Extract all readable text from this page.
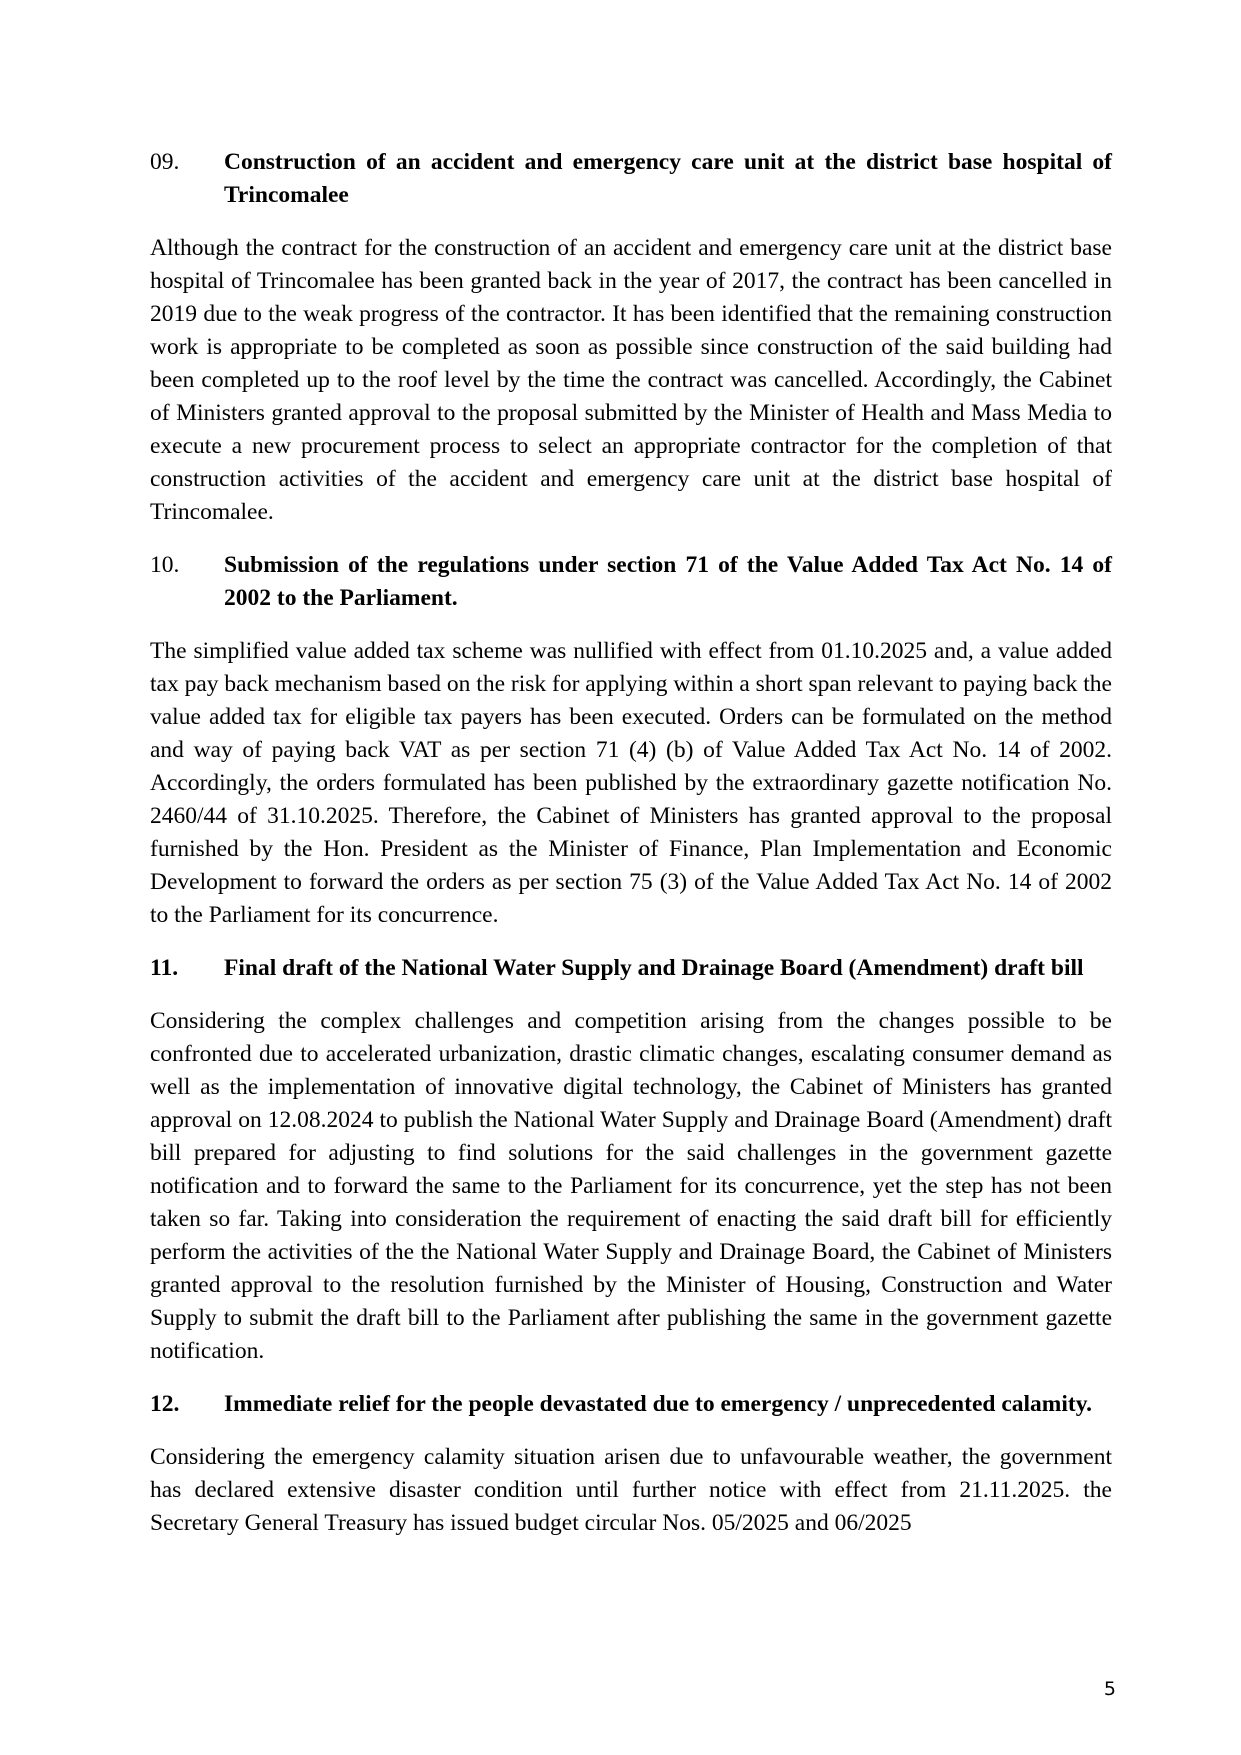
09.	Construction of an accident and emergency care unit at the district base hospital of Trincomalee

Although the contract for the construction of an accident and emergency care unit at the district base hospital of Trincomalee has been granted back in the year of 2017, the contract has been cancelled in 2019 due to the weak progress of the contractor. It has been identified that the remaining construction work is appropriate to be completed as soon as possible since construction of the said building had been completed up to the roof level by the time the contract was cancelled. Accordingly, the Cabinet of Ministers granted approval to the proposal submitted by the Minister of Health and Mass Media to execute a new procurement process to select an appropriate contractor for the completion of that construction activities of the accident and emergency care unit at the district base hospital of Trincomalee.

10.	Submission of the regulations under section 71 of the Value Added Tax Act No. 14 of 2002 to the Parliament.

The simplified value added tax scheme was nullified with effect from 01.10.2025 and, a value added tax pay back mechanism based on the risk for applying within a short span relevant to paying back the value added tax for eligible tax payers has been executed. Orders can be formulated on the method and way of paying back VAT as per section 71 (4) (b) of Value Added Tax Act No. 14 of 2002. Accordingly, the orders formulated has been published by the extraordinary gazette notification No. 2460/44 of 31.10.2025. Therefore, the Cabinet of Ministers has granted approval to the proposal furnished by the Hon. President as the Minister of Finance, Plan Implementation and Economic Development to forward the orders as per section 75 (3) of the Value Added Tax Act No. 14 of 2002 to the Parliament for its concurrence.

11.	Final draft of the National Water Supply and Drainage Board (Amendment) draft bill

Considering the complex challenges and competition arising from the changes possible to be confronted due to accelerated urbanization, drastic climatic changes, escalating consumer demand as well as the implementation of innovative digital technology, the Cabinet of Ministers has granted approval on 12.08.2024 to publish the National Water Supply and Drainage Board (Amendment) draft bill prepared for adjusting to find solutions for the said challenges in the government gazette notification and to forward the same to the Parliament for its concurrence, yet the step has not been taken so far. Taking into consideration the requirement of enacting the said draft bill for efficiently perform the activities of the the National Water Supply and Drainage Board, the Cabinet of Ministers granted approval to the resolution furnished by the Minister of Housing, Construction and Water Supply to submit the draft bill to the Parliament after publishing the same in the government gazette notification.

12.	Immediate relief for the people devastated due to emergency / unprecedented calamity.

Considering the emergency calamity situation arisen due to unfavourable weather, the government has declared extensive disaster condition until further notice with effect from 21.11.2025. the Secretary General Treasury has issued budget circular Nos. 05/2025 and 06/2025

5
